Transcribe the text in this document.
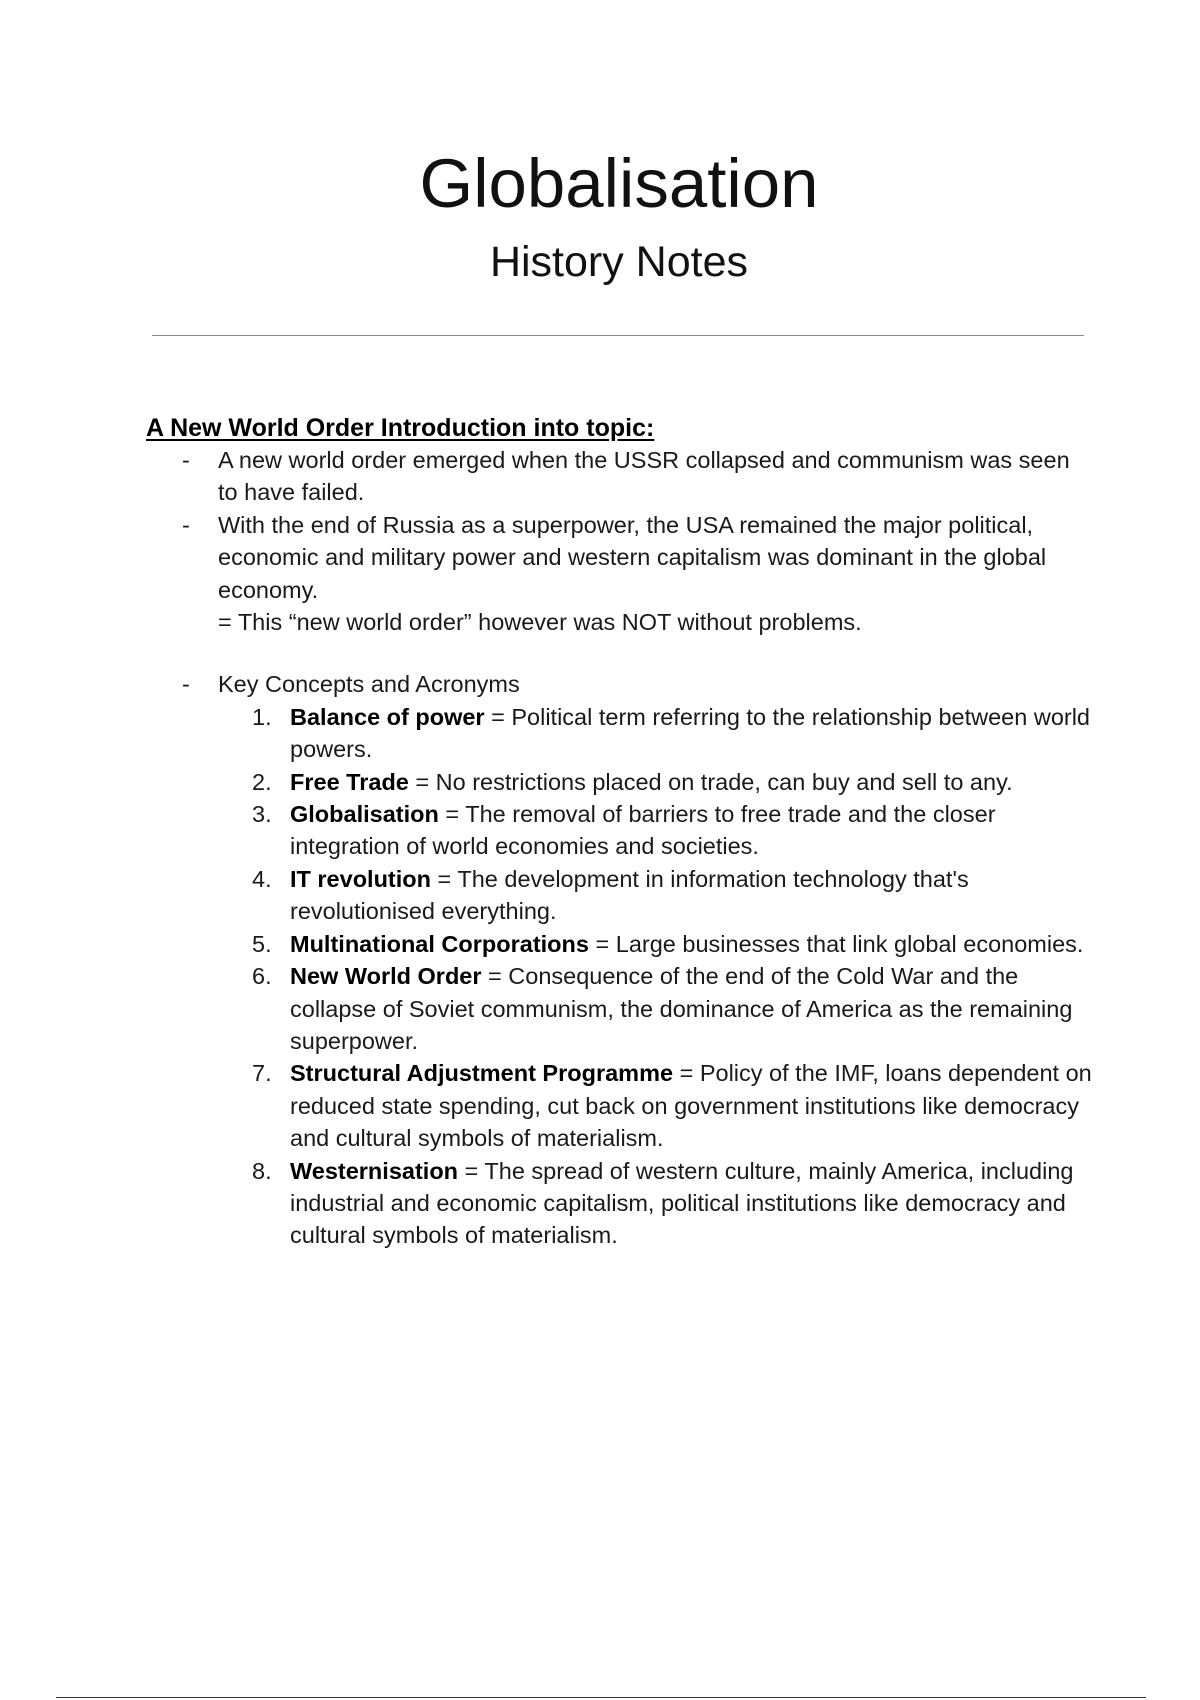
Globalisation
History Notes
A New World Order Introduction into topic:
- A new world order emerged when the USSR collapsed and communism was seen to have failed.
- With the end of Russia as a superpower, the USA remained the major political, economic and military power and western capitalism was dominant in the global economy.
= This “new world order” however was NOT without problems.
- Key Concepts and Acronyms
1. Balance of power = Political term referring to the relationship between world powers.
2. Free Trade = No restrictions placed on trade, can buy and sell to any.
3. Globalisation = The removal of barriers to free trade and the closer integration of world economies and societies.
4. IT revolution = The development in information technology that's revolutionised everything.
5. Multinational Corporations = Large businesses that link global economies.
6. New World Order = Consequence of the end of the Cold War and the collapse of Soviet communism, the dominance of America as the remaining superpower.
7. Structural Adjustment Programme = Policy of the IMF, loans dependent on reduced state spending, cut back on government institutions like democracy and cultural symbols of materialism.
8. Westernisation = The spread of western culture, mainly America, including industrial and economic capitalism, political institutions like democracy and cultural symbols of materialism.
